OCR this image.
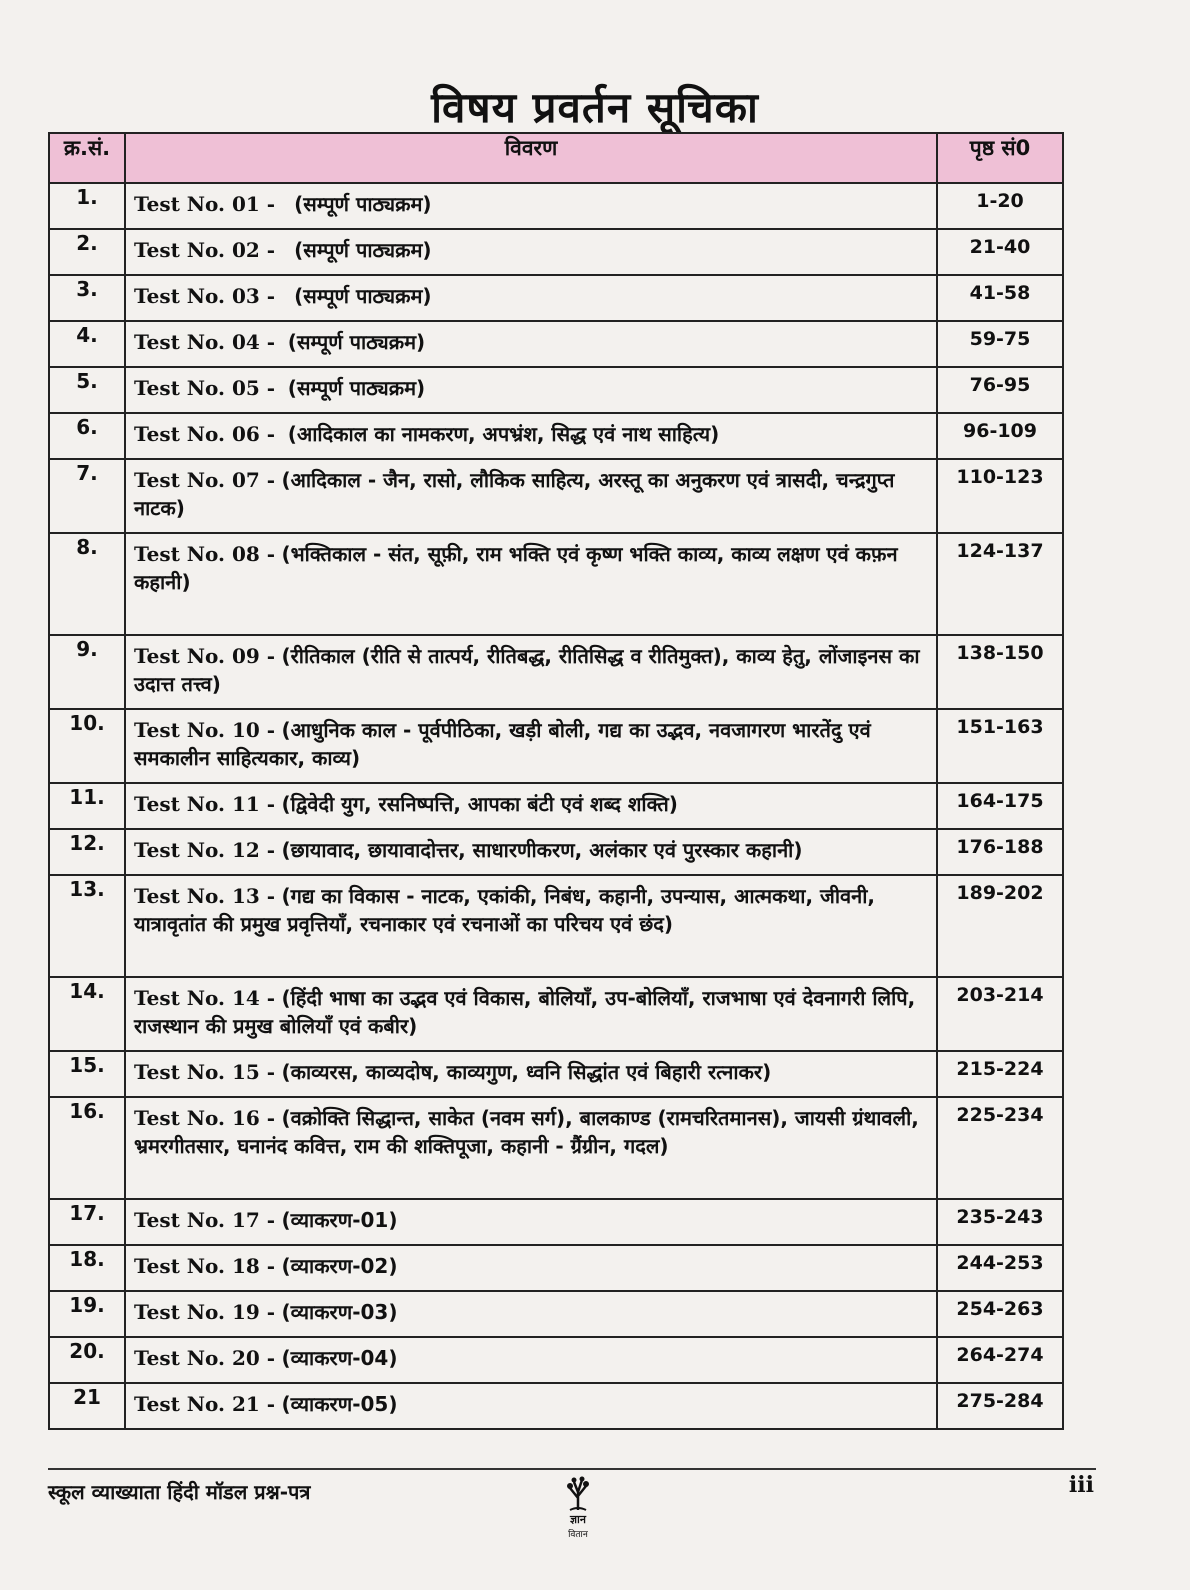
विषय प्रवर्तन सूचिका
क्र.सं.	विवरण	पृष्ठ सं0
1.	Test No. 01 - (सम्पूर्ण पाठ्यक्रम)	1-20
2.	Test No. 02 - (सम्पूर्ण पाठ्यक्रम)	21-40
3.	Test No. 03 - (सम्पूर्ण पाठ्यक्रम)	41-58
4.	Test No. 04 - (सम्पूर्ण पाठ्यक्रम)	59-75
5.	Test No. 05 - (सम्पूर्ण पाठ्यक्रम)	76-95
6.	Test No. 06 - (आदिकाल का नामकरण, अपभ्रंश, सिद्ध एवं नाथ साहित्य)	96-109
7.	Test No. 07 - (आदिकाल - जैन, रासो, लौकिक साहित्य, अरस्तू का अनुकरण एवं त्रासदी, चन्द्रगुप्त नाटक)	110-123
8.	Test No. 08 - (भक्तिकाल - संत, सूफ़ी, राम भक्ति एवं कृष्ण भक्ति काव्य, काव्य लक्षण एवं कफ़न कहानी)	124-137
9.	Test No. 09 - (रीतिकाल (रीति से तात्पर्य, रीतिबद्ध, रीतिसिद्ध व रीतिमुक्त), काव्य हेतु, लोंजाइनस का उदात्त तत्त्व)	138-150
10.	Test No. 10 - (आधुनिक काल - पूर्वपीठिका, खड़ी बोली, गद्य का उद्भव, नवजागरण भारतेंदु एवं समकालीन साहित्यकार, काव्य)	151-163
11.	Test No. 11 - (द्विवेदी युग, रसनिष्पत्ति, आपका बंटी एवं शब्द शक्ति)	164-175
12.	Test No. 12 - (छायावाद, छायावादोत्तर, साधारणीकरण, अलंकार एवं पुरस्कार कहानी)	176-188
13.	Test No. 13 - (गद्य का विकास - नाटक, एकांकी, निबंध, कहानी, उपन्यास, आत्मकथा, जीवनी, यात्रावृतांत की प्रमुख प्रवृत्तियाँ, रचनाकार एवं रचनाओं का परिचय एवं छंद)	189-202
14.	Test No. 14 - (हिंदी भाषा का उद्भव एवं विकास, बोलियाँ, उप-बोलियाँ, राजभाषा एवं देवनागरी लिपि, राजस्थान की प्रमुख बोलियाँ एवं कबीर)	203-214
15.	Test No. 15 - (काव्यरस, काव्यदोष, काव्यगुण, ध्वनि सिद्धांत एवं बिहारी रत्नाकर)	215-224
16.	Test No. 16 - (वक्रोक्ति सिद्धान्त, साकेत (नवम सर्ग), बालकाण्ड (रामचरितमानस), जायसी ग्रंथावली, भ्रमरगीतसार, घनानंद कवित्त, राम की शक्तिपूजा, कहानी - ग्रैंग्रीन, गदल)	225-234
17.	Test No. 17 - (व्याकरण-01)	235-243
18.	Test No. 18 - (व्याकरण-02)	244-253
19.	Test No. 19 - (व्याकरण-03)	254-263
20.	Test No. 20 - (व्याकरण-04)	264-274
21	Test No. 21 - (व्याकरण-05)	275-284
स्कूल व्याख्याता हिंदी मॉडल प्रश्न-पत्र
ज्ञान
वितान
iii
